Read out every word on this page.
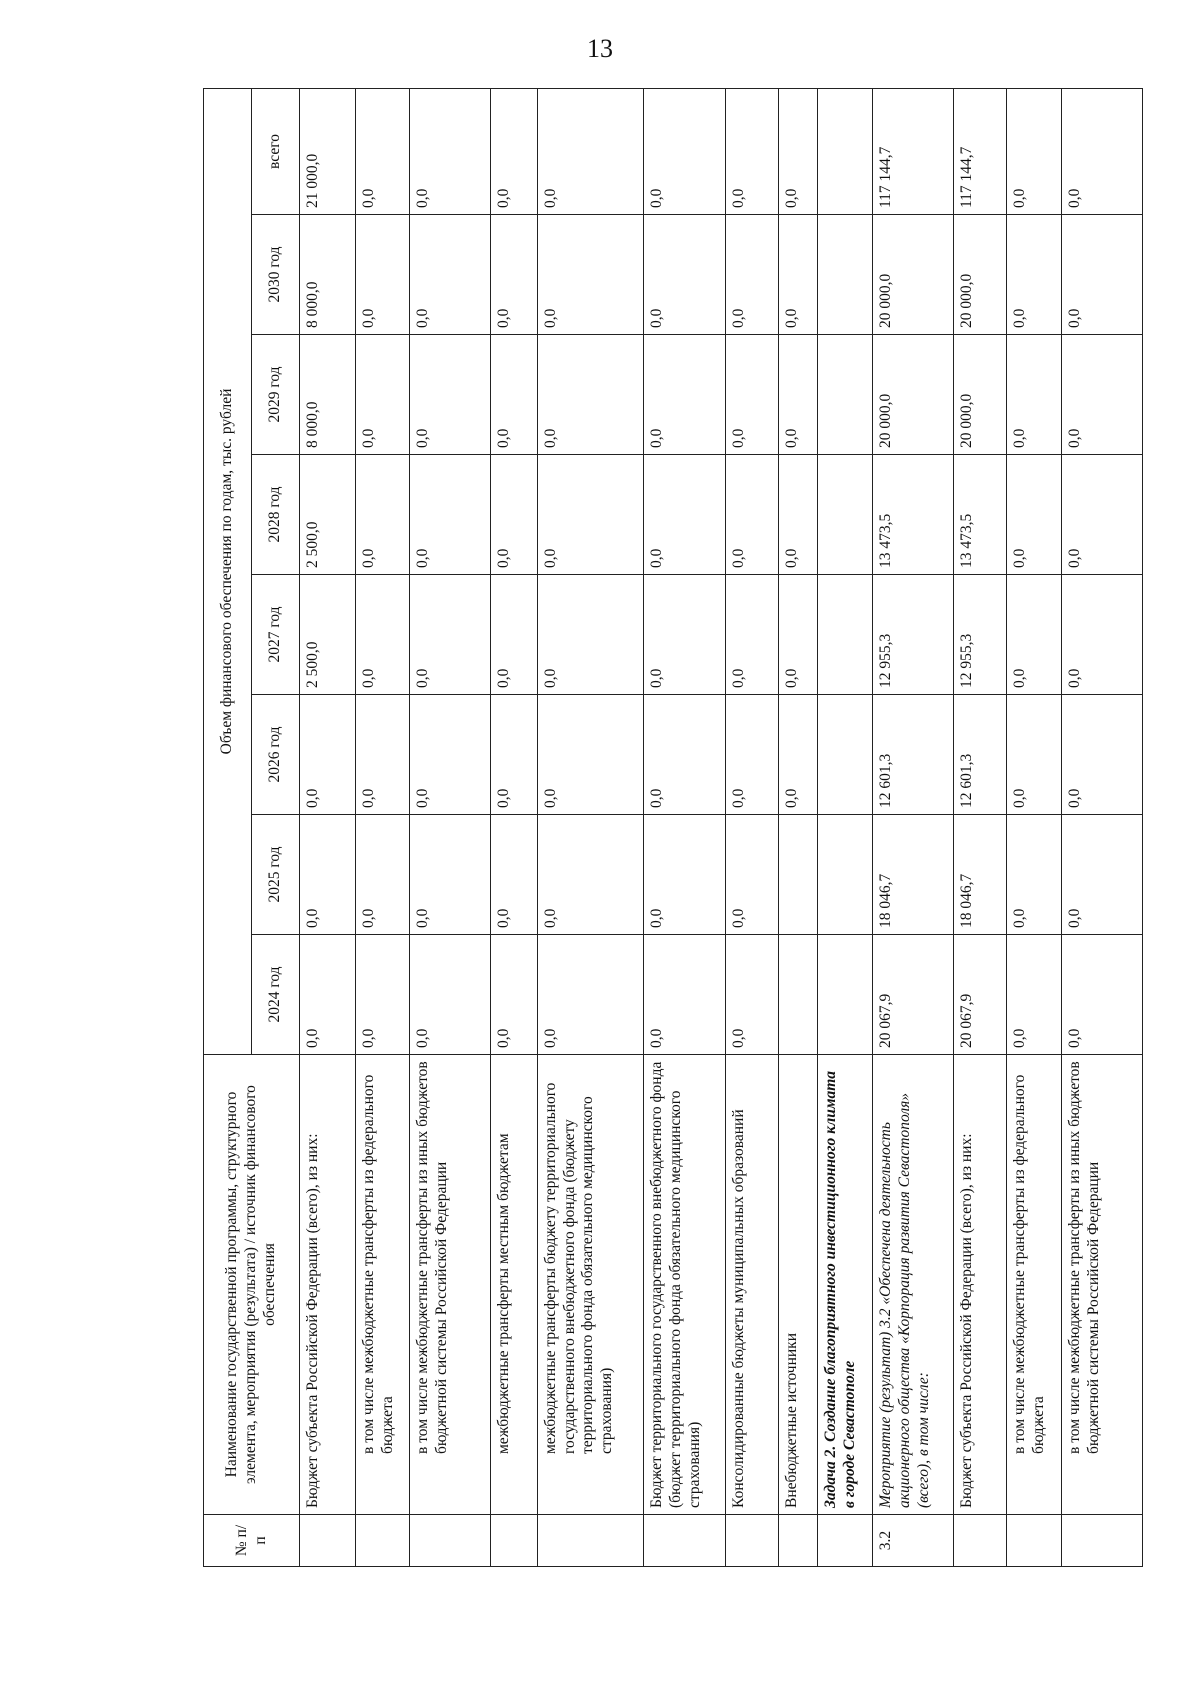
13
№ п/п	Наименование государственной программы, структурного элемента, мероприятия (результата) / источник финансового обеспечения	Объем финансового обеспечения по годам, тыс. рублей							
		2024 год	2025 год	2026 год	2027 год	2028 год	2029 год	2030 год	всего
	Бюджет субъекта Российской Федерации (всего), из них:	0,0	0,0	0,0	2 500,0	2 500,0	8 000,0	8 000,0	21 000,0
	в том числе межбюджетные трансферты из федерального бюджета	0,0	0,0	0,0	0,0	0,0	0,0	0,0	0,0
	в том числе межбюджетные трансферты из иных бюджетов бюджетной системы Российской Федерации	0,0	0,0	0,0	0,0	0,0	0,0	0,0	0,0
	межбюджетные трансферты местным бюджетам	0,0	0,0	0,0	0,0	0,0	0,0	0,0	0,0
	межбюджетные трансферты бюджету территориального государственного внебюджетного фонда (бюджету территориального фонда обязательного медицинского страхования)	0,0	0,0	0,0	0,0	0,0	0,0	0,0	0,0
	Бюджет территориального государственного внебюджетного фонда (бюджет территориального фонда обязательного медицинского страхования)	0,0	0,0	0,0	0,0	0,0	0,0	0,0	0,0
	Консолидированные бюджеты муниципальных образований	0,0	0,0	0,0	0,0	0,0	0,0	0,0	0,0
	Внебюджетные источники			0,0	0,0	0,0	0,0	0,0	0,0
	Задача 2. Создание благоприятного инвестиционного климата в городе Севастополе								
3.2	Мероприятие (результат) 3.2 «Обеспечена деятельность акционерного общества «Корпорация развития Севастополя» (всего), в том числе:	20 067,9	18 046,7	12 601,3	12 955,3	13 473,5	20 000,0	20 000,0	117 144,7
	Бюджет субъекта Российской Федерации (всего), из них:	20 067,9	18 046,7	12 601,3	12 955,3	13 473,5	20 000,0	20 000,0	117 144,7
	в том числе межбюджетные трансферты из федерального бюджета	0,0	0,0	0,0	0,0	0,0	0,0	0,0	0,0
	в том числе межбюджетные трансферты из иных бюджетов бюджетной системы Российской Федерации	0,0	0,0	0,0	0,0	0,0	0,0	0,0	0,0
